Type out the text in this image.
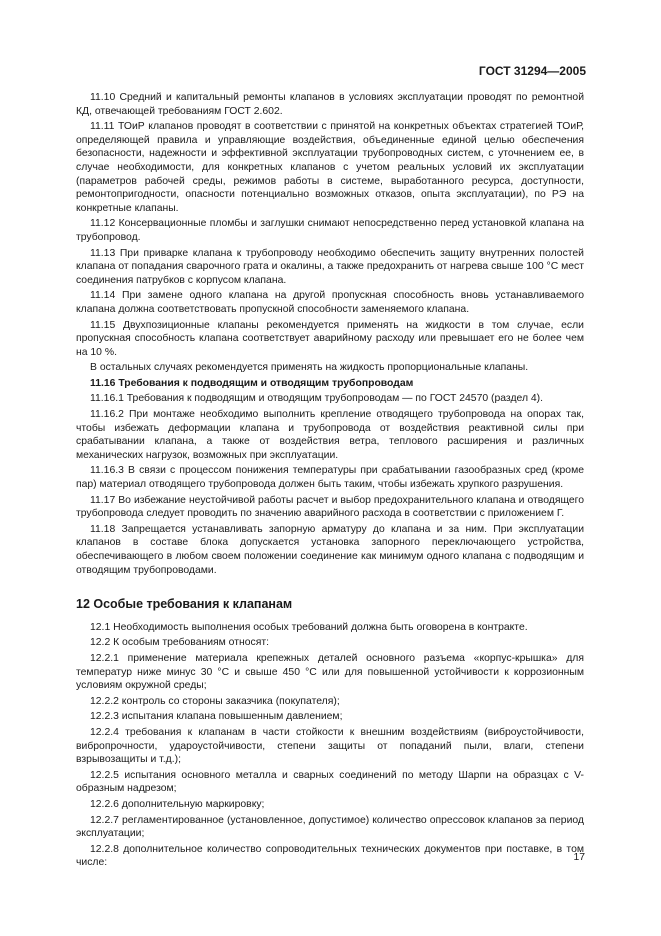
ГОСТ 31294—2005

11.10 Средний и капитальный ремонты клапанов в условиях эксплуатации проводят по ремонтной КД, отвечающей требованиям ГОСТ 2.602.

11.11 ТОиР клапанов проводят в соответствии с принятой на конкретных объектах стратегией ТОиР, определяющей правила и управляющие воздействия, объединенные единой целью обеспечения безопасности, надежности и эффективной эксплуатации трубопроводных систем, с уточнением ее, в случае необходимости, для конкретных клапанов с учетом реальных условий их эксплуатации (параметров рабочей среды, режимов работы в системе, выработанного ресурса, доступности, ремонтопригодности, опасности потенциально возможных отказов, опыта эксплуатации), по РЭ на конкретные клапаны.

11.12 Консервационные пломбы и заглушки снимают непосредственно перед установкой клапана на трубопровод.

11.13 При приварке клапана к трубопроводу необходимо обеспечить защиту внутренних полостей клапана от попадания сварочного грата и окалины, а также предохранить от нагрева свыше 100 °С мест соединения патрубков с корпусом клапана.

11.14 При замене одного клапана на другой пропускная способность вновь устанавливаемого клапана должна соответствовать пропускной способности заменяемого клапана.

11.15 Двухпозиционные клапаны рекомендуется применять на жидкости в том случае, если пропускная способность клапана соответствует аварийному расходу или превышает его не более чем на 10 %.

В остальных случаях рекомендуется применять на жидкость пропорциональные клапаны.

11.16 Требования к подводящим и отводящим трубопроводам

11.16.1 Требования к подводящим и отводящим трубопроводам — по ГОСТ 24570 (раздел 4).

11.16.2 При монтаже необходимо выполнить крепление отводящего трубопровода на опорах так, чтобы избежать деформации клапана и трубопровода от воздействия реактивной силы при срабатывании клапана, а также от воздействия ветра, теплового расширения и различных механических нагрузок, возможных при эксплуатации.

11.16.3 В связи с процессом понижения температуры при срабатывании газообразных сред (кроме пар) материал отводящего трубопровода должен быть таким, чтобы избежать хрупкого разрушения.

11.17 Во избежание неустойчивой работы расчет и выбор предохранительного клапана и отводящего трубопровода следует проводить по значению аварийного расхода в соответствии с приложением Г.

11.18 Запрещается устанавливать запорную арматуру до клапана и за ним. При эксплуатации клапанов в составе блока допускается установка запорного переключающего устройства, обеспечивающего в любом своем положении соединение как минимум одного клапана с подводящим и отводящим трубопроводами.

12 Особые требования к клапанам

12.1 Необходимость выполнения особых требований должна быть оговорена в контракте.

12.2 К особым требованиям относят:

12.2.1 применение материала крепежных деталей основного разъема «корпус-крышка» для температур ниже минус 30 °С и свыше 450 °С или для повышенной устойчивости к коррозионным условиям окружной среды;

12.2.2 контроль со стороны заказчика (покупателя);

12.2.3 испытания клапана повышенным давлением;

12.2.4 требования к клапанам в части стойкости к внешним воздействиям (виброустойчивости, вибропрочности, удароустойчивости, степени защиты от попаданий пыли, влаги, степени взрывозащиты и т.д.);

12.2.5 испытания основного металла и сварных соединений по методу Шарпи на образцах с V-образным надрезом;

12.2.6 дополнительную маркировку;

12.2.7 регламентированное (установленное, допустимое) количество опрессовок клапанов за период эксплуатации;

12.2.8 дополнительное количество сопроводительных технических документов при поставке, в том числе:	17
